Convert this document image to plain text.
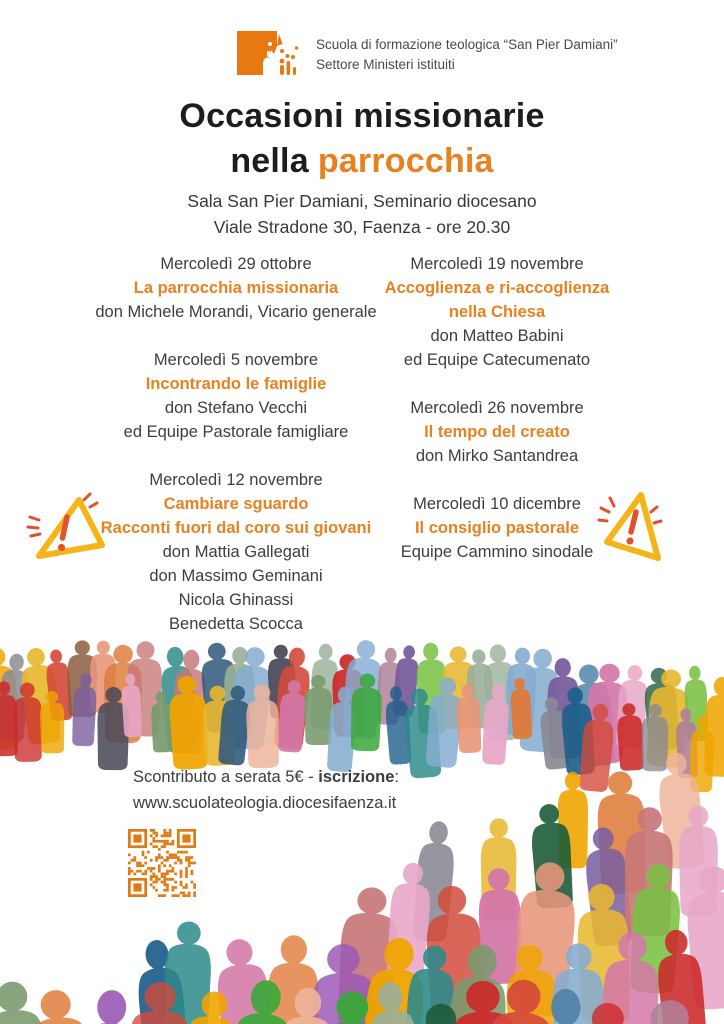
Scuola di formazione teologica “San Pier Damiani”
Settore Ministeri istituiti
Occasioni missionarie
nella parrocchia
Sala San Pier Damiani, Seminario diocesano
Viale Stradone 30, Faenza - ore 20.30

Mercoledì 29 ottobre

La parrocchia missionaria

don Michele Morandi, Vicario generale

Mercoledì 5 novembre

Incontrando le famiglie

don Stefano Vecchi

ed Equipe Pastorale famigliare

Mercoledì 12 novembre

Cambiare sguardo

Racconti fuori dal coro sui giovani

don Mattia Gallegati

don Massimo Geminani

Nicola Ghinassi

Benedetta Scocca

Mercoledì 19 novembre

Accoglienza e ri-accoglienza

nella Chiesa

don Matteo Babini

ed Equipe Catecumenato

Mercoledì 26 novembre

Il tempo del creato

don Mirko Santandrea

Mercoledì 10 dicembre

Il consiglio pastorale

Equipe Cammino sinodale

Scontributo a serata 5€ - iscrizione:
www.scuolateologia.diocesifaenza.it
